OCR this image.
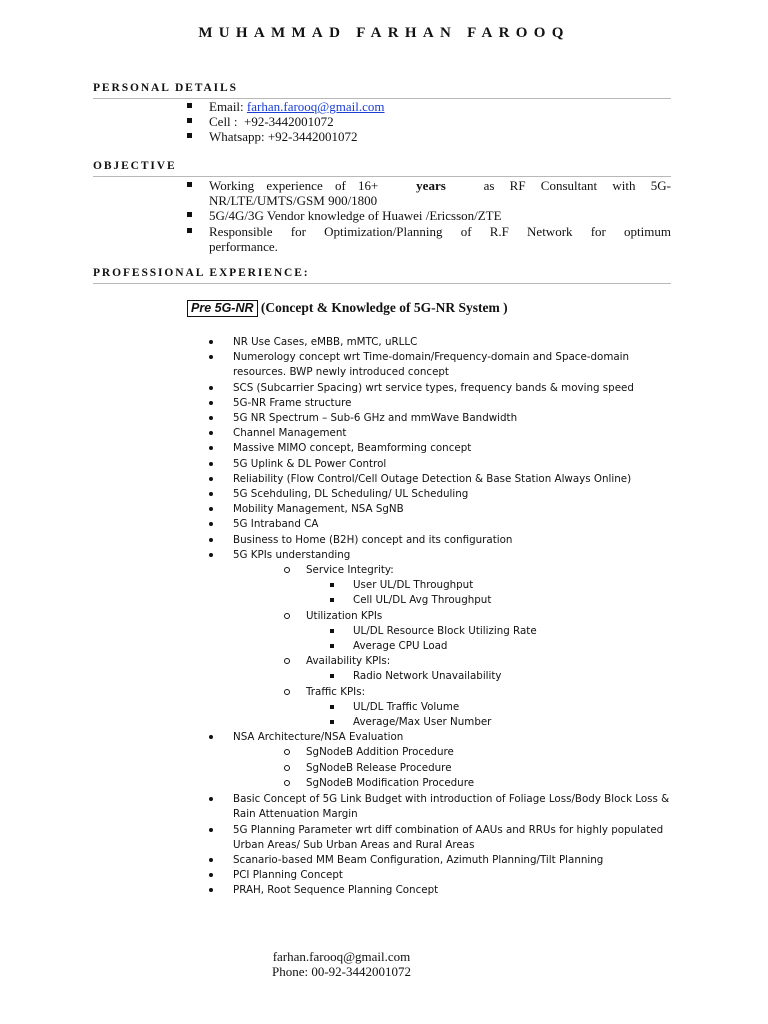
MUHAMMAD FARHAN FAROOQ
PERSONAL DETAILS
Email: farhan.farooq@gmail.com
Cell :  +92-3442001072
Whatsapp: +92-3442001072
OBJECTIVE
Working experience of 16+	years	as RF Consultant with 5G-
NR/LTE/UMTS/GSM 900/1800
5G/4G/3G Vendor knowledge of Huawei /Ericsson/ZTE
Responsible for Optimization/Planning of R.F Network for optimum
performance.
PROFESSIONAL EXPERIENCE:
Pre 5G-NR (Concept & Knowledge of 5G-NR System )
NR Use Cases, eMBB, mMTC, uRLLC
Numerology concept wrt Time-domain/Frequency-domain and Space-domain resources. BWP newly introduced concept
SCS (Subcarrier Spacing) wrt service types, frequency bands & moving speed
5G-NR Frame structure
5G NR Spectrum – Sub-6 GHz and mmWave Bandwidth
Channel Management
Massive MIMO concept, Beamforming concept
5G Uplink & DL Power Control
Reliability (Flow Control/Cell Outage Detection & Base Station Always Online)
5G Scehduling, DL Scheduling/ UL Scheduling
Mobility Management, NSA SgNB
5G Intraband CA
Business to Home (B2H) concept and its configuration
5G KPIs understanding
Service Integrity:
User UL/DL Throughput
Cell UL/DL Avg Throughput
Utilization KPIs
UL/DL Resource Block Utilizing Rate
Average CPU Load
Availability KPIs:
Radio Network Unavailability
Traffic KPIs:
UL/DL Traffic Volume
Average/Max User Number
NSA Architecture/NSA Evaluation
SgNodeB Addition Procedure
SgNodeB Release Procedure
SgNodeB Modification Procedure
Basic Concept of 5G Link Budget with introduction of Foliage Loss/Body Block Loss & Rain Attenuation Margin
5G Planning Parameter wrt diff combination of AAUs and RRUs for highly populated Urban Areas/ Sub Urban Areas and Rural Areas
Scanario-based MM Beam Configuration, Azimuth Planning/Tilt Planning
PCI Planning Concept
PRAH, Root Sequence Planning Concept
farhan.farooq@gmail.com
Phone: 00-92-3442001072
